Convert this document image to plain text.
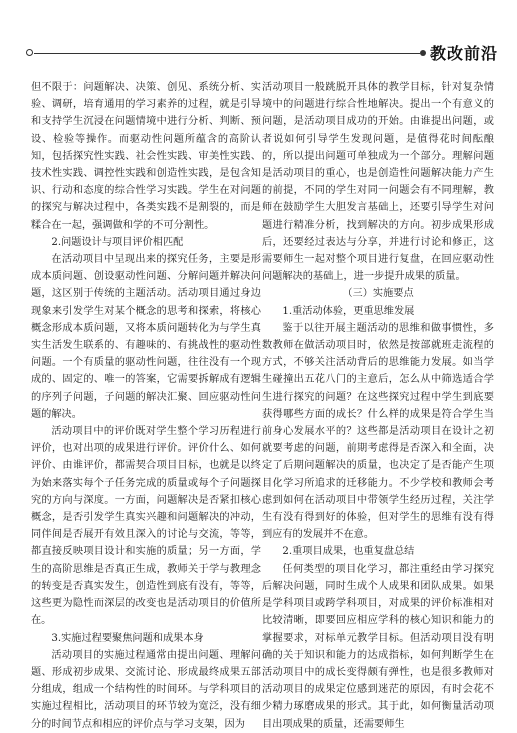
教改前沿

但不限于：问题解决、决策、创见、系统分析、实验、调研，培育通用的学习素养的过程，就是引导和支持学生沉浸在问题情境中进行分析、判断、预设、检验等操作。而驱动性问题所蕴含的高阶认知，包括探究性实践、社会性实践、审美性实践、技术性实践、调控性实践和创造性实践，是包含知识、行动和态度的综合性学习实践。学生在对问题的探究与解决过程中，各类实践不是割裂的，而是糅合在一起，强调做和学的不可分割性。

2.问题设计与项目评价相匹配

在活动项目中呈现出来的探究任务，主要是形成本质问题、创设驱动性问题、分解问题并解决问题，这区别于传统的主题活动。活动项目通过身边现象来引发学生对某个概念的思考和探索，将核心概念形成本质问题，又将本质问题转化为与学生真实生活发生联系的、有趣味的、有挑战性的驱动性问题。一个有质量的驱动性问题，往往没有一个现成的、固定的、唯一的答案，它需要拆解成有逻辑的序列子问题，子问题的解决汇聚、回应驱动性问题的解决。

活动项目中的评价既对学生整个学习历程进行评价，也对出项的成果进行评价。评价什么、如何评价、由谁评价，都需契合项目目标，也就是以终为始来落实每个子任务完成的质量或每个子问题探究的方向与深度。一方面，问题解决是否紧扣核心概念，是否引发学生真实兴趣和问题解决的冲动，同伴间是否展开有效且深入的讨论与交流，等等，都直接反映项目设计和实施的质量；另一方面，学生的高阶思维是否真正生成，教师关于学与教理念的转变是否真实发生，创造性到底有没有，等等，这些更为隐性而深层的改变也是活动项目的价值所在。

3.实施过程要聚焦问题和成果本身

活动项目的实施过程通常由提出问题、理解问题、形成初步成果、交流讨论、形成最终成果五部分组成，组成一个结构性的时间环。与学科项目的实施过程相比，活动项目的环节较为宽泛，没有细分的时间节点和相应的评价点与学习支架，因为

活动项目一般跳脱开具体的教学目标，针对复杂情境中的问题进行综合性地解决。提出一个有意义的问题，是活动项目成功的开始。由谁提出问题，或者说如何引导学生发现问题，是值得花时间酝酿的，所以提出问题可单独成为一个部分。理解问题是活动项目的重心，也是创造性问题解决能力产生的前提，不同的学生对同一问题会有不同理解，教师在鼓励学生大胆发言基础上，还要引导学生对问题进行精准分析，找到解决的方向。初步成果形成后，还要经过表达与分享，并进行讨论和修正，这需要师生一起对整个项目进行复盘，在回应驱动性问题解决的基础上，进一步提升成果的质量。

（三）实施要点

1.重活动体验，更重思维发展

鉴于以往开展主题活动的思维和做事惯性，多数教师在做活动项目时，依然是按部就班走流程的方式，不够关注活动背后的思维能力发展。如当学生碰撞出五花八门的主意后，怎么从中筛选适合学生进行探究的问题？在这些探究过程中学生到底要获得哪些方面的成长？什么样的成果是符合学生当前身心发展水平的？这些都是活动项目在设计之初就要考虑的问题，前期考虑得是否深入和全面，决定了后期问题解决的质量，也决定了是否能产生项目化学习所追求的迁移能力。不少学校和教师会考虑到如何在活动项目中带领学生经历过程，关注学生有没有得到好的体验，但对学生的思维有没有得到应有的发展并不在意。

2.重项目成果，也重复盘总结

任何类型的项目化学习，都注重经由学习探究后解决问题，同时生成个人成果和团队成果。如果是学科项目或跨学科项目，对成果的评价标准相对比较清晰，即要回应相应学科的核心知识和能力的掌握要求，对标单元教学目标。但活动项目没有明确的关于知识和能力的达成指标，如何判断学生在活动项目中的成长变得颇有弹性，也是很多教师对活动项目的成果定位感到迷茫的原因，有时会花不少精力琢磨成果的形式。其于此，如何衡量活动项目出项成果的质量，还需要师生
